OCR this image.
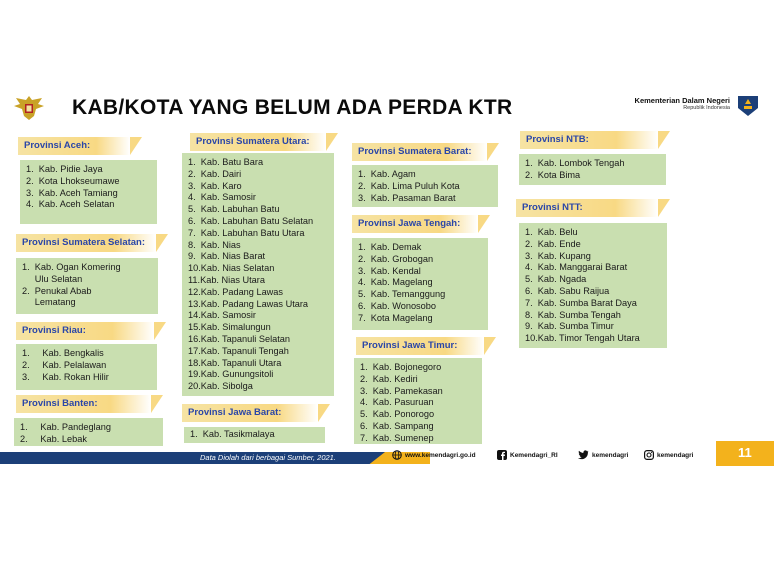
KAB/KOTA YANG BELUM ADA PERDA KTR	Kementerian Dalam Negeri
Republik Indonesia
Provinsi Aceh:
1.  Kab. Pidie Jaya
2.  Kota Lhokseumawe
3.  Kab. Aceh Tamiang
4.  Kab. Aceh Selatan
Provinsi Sumatera Selatan:
1.  Kab. Ogan Komering
Ulu Selatan
2.  Penukal Abab
Lematang
Provinsi Riau:
1.     Kab. Bengkalis
2.     Kab. Pelalawan
3.     Kab. Rokan Hilir
Provinsi Banten:
1.     Kab. Pandeglang
2.     Kab. Lebak
Provinsi Sumatera Utara:
1.  Kab. Batu Bara
2.  Kab. Dairi
3.  Kab. Karo
4.  Kab. Samosir
5.  Kab. Labuhan Batu
6.  Kab. Labuhan Batu Selatan
7.  Kab. Labuhan Batu Utara
8.  Kab. Nias
9.  Kab. Nias Barat
10.Kab. Nias Selatan
11.Kab. Nias Utara
12.Kab. Padang Lawas
13.Kab. Padang Lawas Utara
14.Kab. Samosir
15.Kab. Simalungun
16.Kab. Tapanuli Selatan
17.Kab. Tapanuli Tengah
18.Kab. Tapanuli Utara
19.Kab. Gunungsitoli
20.Kab. Sibolga
Provinsi Jawa Barat:
1.  Kab. Tasikmalaya
Provinsi Sumatera Barat:
1.  Kab. Agam
2.  Kab. Lima Puluh Kota
3.  Kab. Pasaman Barat
Provinsi Jawa Tengah:
1.  Kab. Demak
2.  Kab. Grobogan
3.  Kab. Kendal
4.  Kab. Magelang
5.  Kab. Temanggung
6.  Kab. Wonosobo
7.  Kota Magelang
Provinsi Jawa Timur:
1.  Kab. Bojonegoro
2.  Kab. Kediri
3.  Kab. Pamekasan
4.  Kab. Pasuruan
5.  Kab. Ponorogo
6.  Kab. Sampang
7.  Kab. Sumenep
Provinsi NTB:
1.  Kab. Lombok Tengah
2.  Kota Bima
Provinsi NTT:
1.  Kab. Belu
2.  Kab. Ende
3.  Kab. Kupang
4.  Kab. Manggarai Barat
5.  Kab. Ngada
6.  Kab. Sabu Raijua
7.  Kab. Sumba Barat Daya
8.  Kab. Sumba Tengah
9.  Kab. Sumba Timur
10.Kab. Timor Tengah Utara
Data Diolah dari berbagai Sumber, 2021.	www.kemendagri.go.id	Kemendagri_RI	kemendagri	kemendagri	11
